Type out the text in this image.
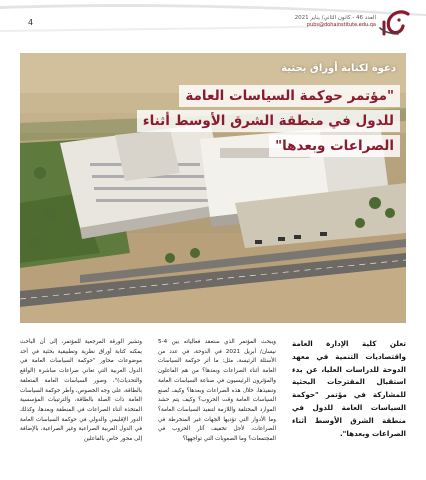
4	العدد 46 - كانون الثاني/ يناير 2021
pubs@dohainstitute.edu.qa
دعوة لكتابة أوراق بحثية
"مؤتمر حوكمة السياسات العامة
للدول في منطقة الشرق الأوسط أثناء
الصراعات وبعدها"

تعلن كلية الإدارة العامة واقتصاديات التنمية في معهد الدوحة للدراسات العليا، عن بدء استقبال المقترحات البحثية للمشاركة في مؤتمر "حوكمة السياسات العامة للدول في منطقة الشرق الأوسط أثناء الصراعات وبعدها".

ويبحث المؤتمر الذي ستعقد فعالياته بين 4-5 نيسان/ أبريل 2021 في الدوحة، في عدد من الأسئلة الرئيسة، مثل: ما أثر حوكمة السياسات العامة أثناء الصراعات وبعدها؟ من هم الفاعلون والمؤثرون الرئيسيون في صناعة السياسات العامة وتنفيذها، خلال هذه الصراعات وبعدها؟ وكيف تُصنع السياسات العامة وقت الحروب؟ وكيف يتم حشد الموارد المختلفة واللازمة لتنفيذ السياسات العامة؟ وما الأدوار التي تؤديها الجهات غير المنخرطة في الصراعات، لأجل تخفيف آثار الحروب في المجتمعات؟ وما الصعوبات التي تواجهها؟

وتشير الورقة المرجعية للمؤتمر، إلى أن الباحث يمكنه كتابة أوراق نظرية وتطبيقية بحثية في أحد موضوعات محاور "حوكمة السياسات العامة في الدول العربية التي تعاني صراعات مباشرة (الواقع والتحديات)"، وصور السياسات العامة المتعلقة بالطاقة، على وجه الخصوص، وأطر حوكمة السياسات العامة ذات الصلة بالطاقة، والترتيبات المؤسسية المتخذة أثناء الصراعات في المنطقة وبعدها، وكذلك الدور الإقليمي والدولي في حوكمة السياسات العامة في الدول العربية الصراعية وغير الصراعية، بالإضافة إلى محور خاص بالفاعلين
